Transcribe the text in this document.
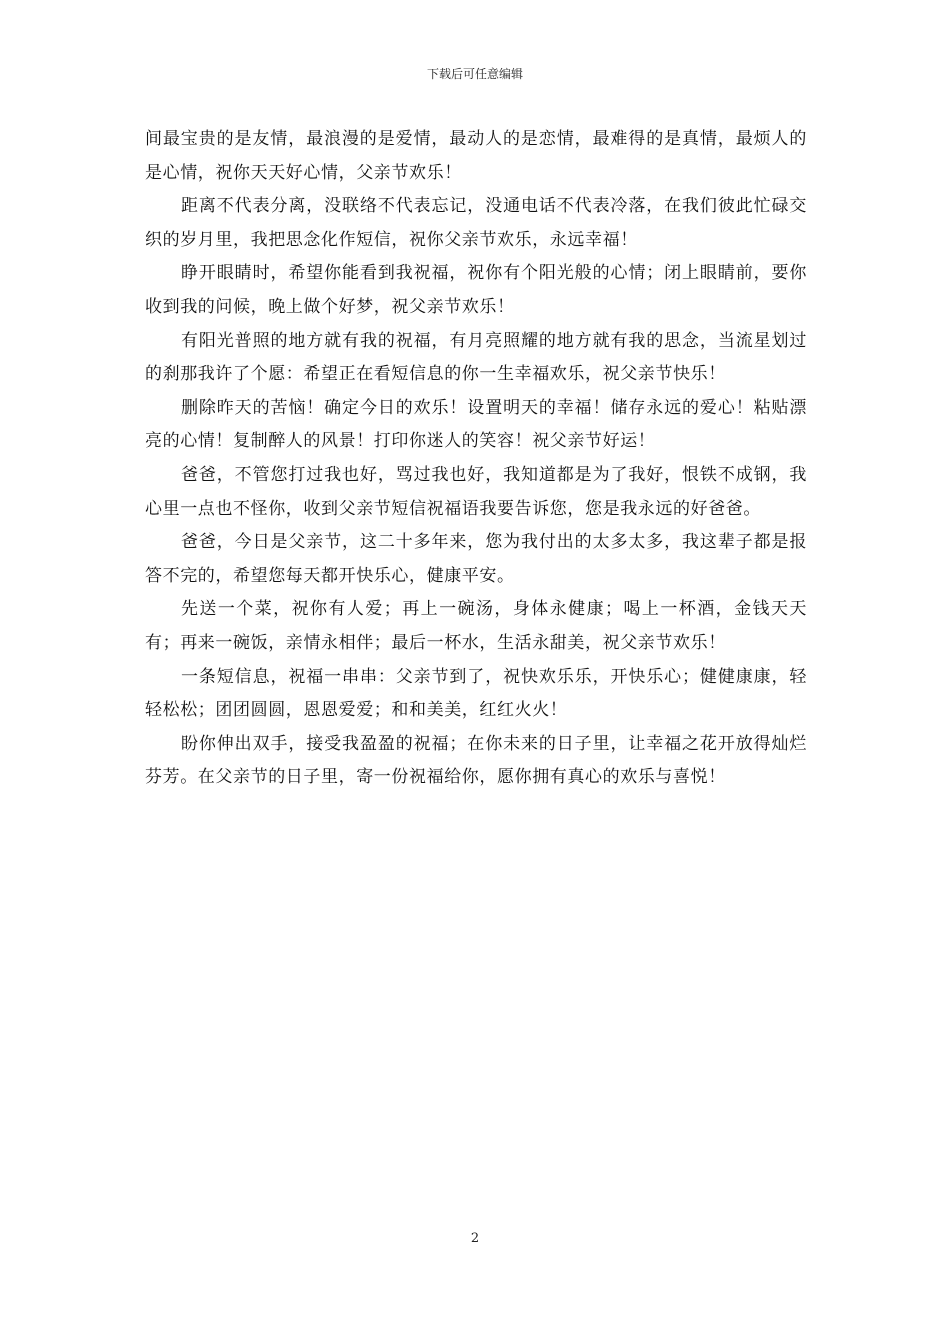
下载后可任意编辑

间最宝贵的是友情，最浪漫的是爱情，最动人的是恋情，最难得的是真情，最烦人的是心情，祝你天天好心情，父亲节欢乐！

距离不代表分离，没联络不代表忘记，没通电话不代表冷落，在我们彼此忙碌交织的岁月里，我把思念化作短信，祝你父亲节欢乐，永远幸福！

睁开眼睛时，希望你能看到我祝福，祝你有个阳光般的心情；闭上眼睛前，要你收到我的问候，晚上做个好梦，祝父亲节欢乐！

有阳光普照的地方就有我的祝福，有月亮照耀的地方就有我的思念，当流星划过的刹那我许了个愿：希望正在看短信息的你一生幸福欢乐，祝父亲节快乐！

删除昨天的苦恼！确定今日的欢乐！设置明天的幸福！储存永远的爱心！粘贴漂亮的心情！复制醉人的风景！打印你迷人的笑容！祝父亲节好运！

爸爸，不管您打过我也好，骂过我也好，我知道都是为了我好，恨铁不成钢，我心里一点也不怪你，收到父亲节短信祝福语我要告诉您，您是我永远的好爸爸。

爸爸，今日是父亲节，这二十多年来，您为我付出的太多太多，我这辈子都是报答不完的，希望您每天都开快乐心，健康平安。

先送一个菜，祝你有人爱；再上一碗汤，身体永健康；喝上一杯酒，金钱天天有；再来一碗饭，亲情永相伴；最后一杯水，生活永甜美，祝父亲节欢乐！

一条短信息，祝福一串串：父亲节到了，祝快欢乐乐，开快乐心；健健康康，轻轻松松；团团圆圆，恩恩爱爱；和和美美，红红火火！

盼你伸出双手，接受我盈盈的祝福；在你未来的日子里，让幸福之花开放得灿烂芬芳。在父亲节的日子里，寄一份祝福给你，愿你拥有真心的欢乐与喜悦！

2
